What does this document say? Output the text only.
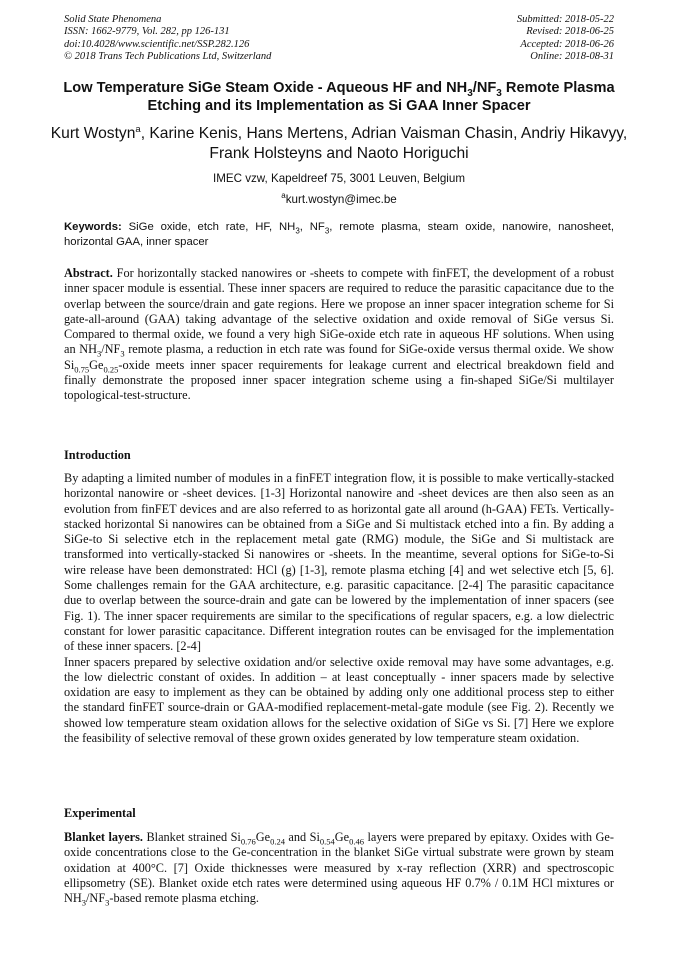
Solid State Phenomena
ISSN: 1662-9779, Vol. 282, pp 126-131
doi:10.4028/www.scientific.net/SSP.282.126
© 2018 Trans Tech Publications Ltd, Switzerland
Submitted: 2018-05-22
Revised: 2018-06-25
Accepted: 2018-06-26
Online: 2018-08-31
Low Temperature SiGe Steam Oxide - Aqueous HF and $NH_3/NF_3$ Remote Plasma Etching and its Implementation as Si GAA Inner Spacer
Kurt Wostyn$^a$, Karine Kenis, Hans Mertens, Adrian Vaisman Chasin, Andriy Hikavyy, Frank Holsteyns and Naoto Horiguchi
IMEC vzw, Kapeldreef 75, 3001 Leuven, Belgium
$^a$kurt.wostyn@imec.be
Keywords: SiGe oxide, etch rate, HF, $NH_3$, $NF_3$, remote plasma, steam oxide, nanowire, nanosheet, horizontal GAA, inner spacer

Abstract. For horizontally stacked nanowires or -sheets to compete with finFET, the development of a robust inner spacer module is essential. These inner spacers are required to reduce the parasitic capacitance due to the overlap between the source/drain and gate regions. Here we propose an inner spacer integration scheme for Si gate-all-around (GAA) taking advantage of the selective oxidation and oxide removal of SiGe versus Si. Compared to thermal oxide, we found a very high SiGe-oxide etch rate in aqueous HF solutions. When using an $NH_3/NF_3$ remote plasma, a reduction in etch rate was found for SiGe-oxide versus thermal oxide. We show $Si_{0.75}Ge_{0.25}$-oxide meets inner spacer requirements for leakage current and electrical breakdown field and finally demonstrate the proposed inner spacer integration scheme using a fin-shaped SiGe/Si multilayer topological-test-structure.

Introduction

By adapting a limited number of modules in a finFET integration flow, it is possible to make vertically-stacked horizontal nanowire or -sheet devices. [1-3] Horizontal nanowire and -sheet devices are then also seen as an evolution from finFET devices and are also referred to as horizontal gate all around (h-GAA) FETs. Vertically-stacked horizontal Si nanowires can be obtained from a SiGe and Si multistack etched into a fin. By adding a SiGe-to Si selective etch in the replacement metal gate (RMG) module, the SiGe and Si multistack are transformed into vertically-stacked Si nanowires or -sheets. In the meantime, several options for SiGe-to-Si wire release have been demonstrated: HCl (g) [1-3], remote plasma etching [4] and wet selective etch [5, 6]. Some challenges remain for the GAA architecture, e.g. parasitic capacitance. [2-4] The parasitic capacitance due to overlap between the source-drain and gate can be lowered by the implementation of inner spacers (see Fig. 1). The inner spacer requirements are similar to the specifications of regular spacers, e.g. a low dielectric constant for lower parasitic capacitance. Different integration routes can be envisaged for the implementation of these inner spacers. [2-4]

Inner spacers prepared by selective oxidation and/or selective oxide removal may have some advantages, e.g. the low dielectric constant of oxides. In addition – at least conceptually - inner spacers made by selective oxidation are easy to implement as they can be obtained by adding only one additional process step to either the standard finFET source-drain or GAA-modified replacement-metal-gate module (see Fig. 2). Recently we showed low temperature steam oxidation allows for the selective oxidation of SiGe vs Si. [7] Here we explore the feasibility of selective removal of these grown oxides generated by low temperature steam oxidation.

Experimental

Blanket layers. Blanket strained $Si_{0.76}Ge_{0.24}$ and $Si_{0.54}Ge_{0.46}$ layers were prepared by epitaxy. Oxides with Ge-oxide concentrations close to the Ge-concentration in the blanket SiGe virtual substrate were grown by steam oxidation at 400°C. [7] Oxide thicknesses were measured by x-ray reflection (XRR) and spectroscopic ellipsometry (SE). Blanket oxide etch rates were determined using aqueous HF 0.7% / 0.1M HCl mixtures or $NH_3/NF_3$-based remote plasma etching.
